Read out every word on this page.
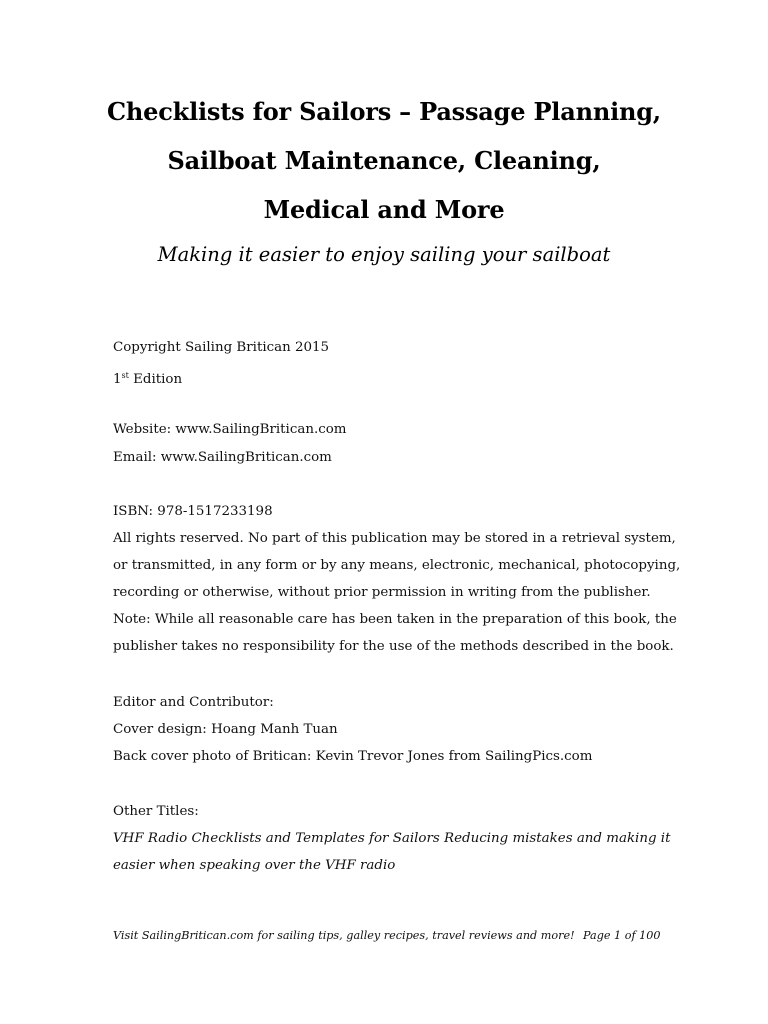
Checklists for Sailors – Passage Planning,
Sailboat Maintenance, Cleaning,
Medical and More
Making it easier to enjoy sailing your sailboat
Copyright Sailing Britican 2015
1st Edition
Website: www.SailingBritican.com
Email: www.SailingBritican.com
ISBN: 978-1517233198
All rights reserved. No part of this publication may be stored in a retrieval system,
or transmitted, in any form or by any means, electronic, mechanical, photocopying,
recording or otherwise, without prior permission in writing from the publisher.
Note: While all reasonable care has been taken in the preparation of this book, the
publisher takes no responsibility for the use of the methods described in the book.
Editor and Contributor:
Cover design: Hoang Manh Tuan
Back cover photo of Britican: Kevin Trevor Jones from SailingPics.com
Other Titles:
VHF Radio Checklists and Templates for Sailors Reducing mistakes and making it
easier when speaking over the VHF radio
Visit SailingBritican.com for sailing tips, galley recipes, travel reviews and more! Page 1 of 100
